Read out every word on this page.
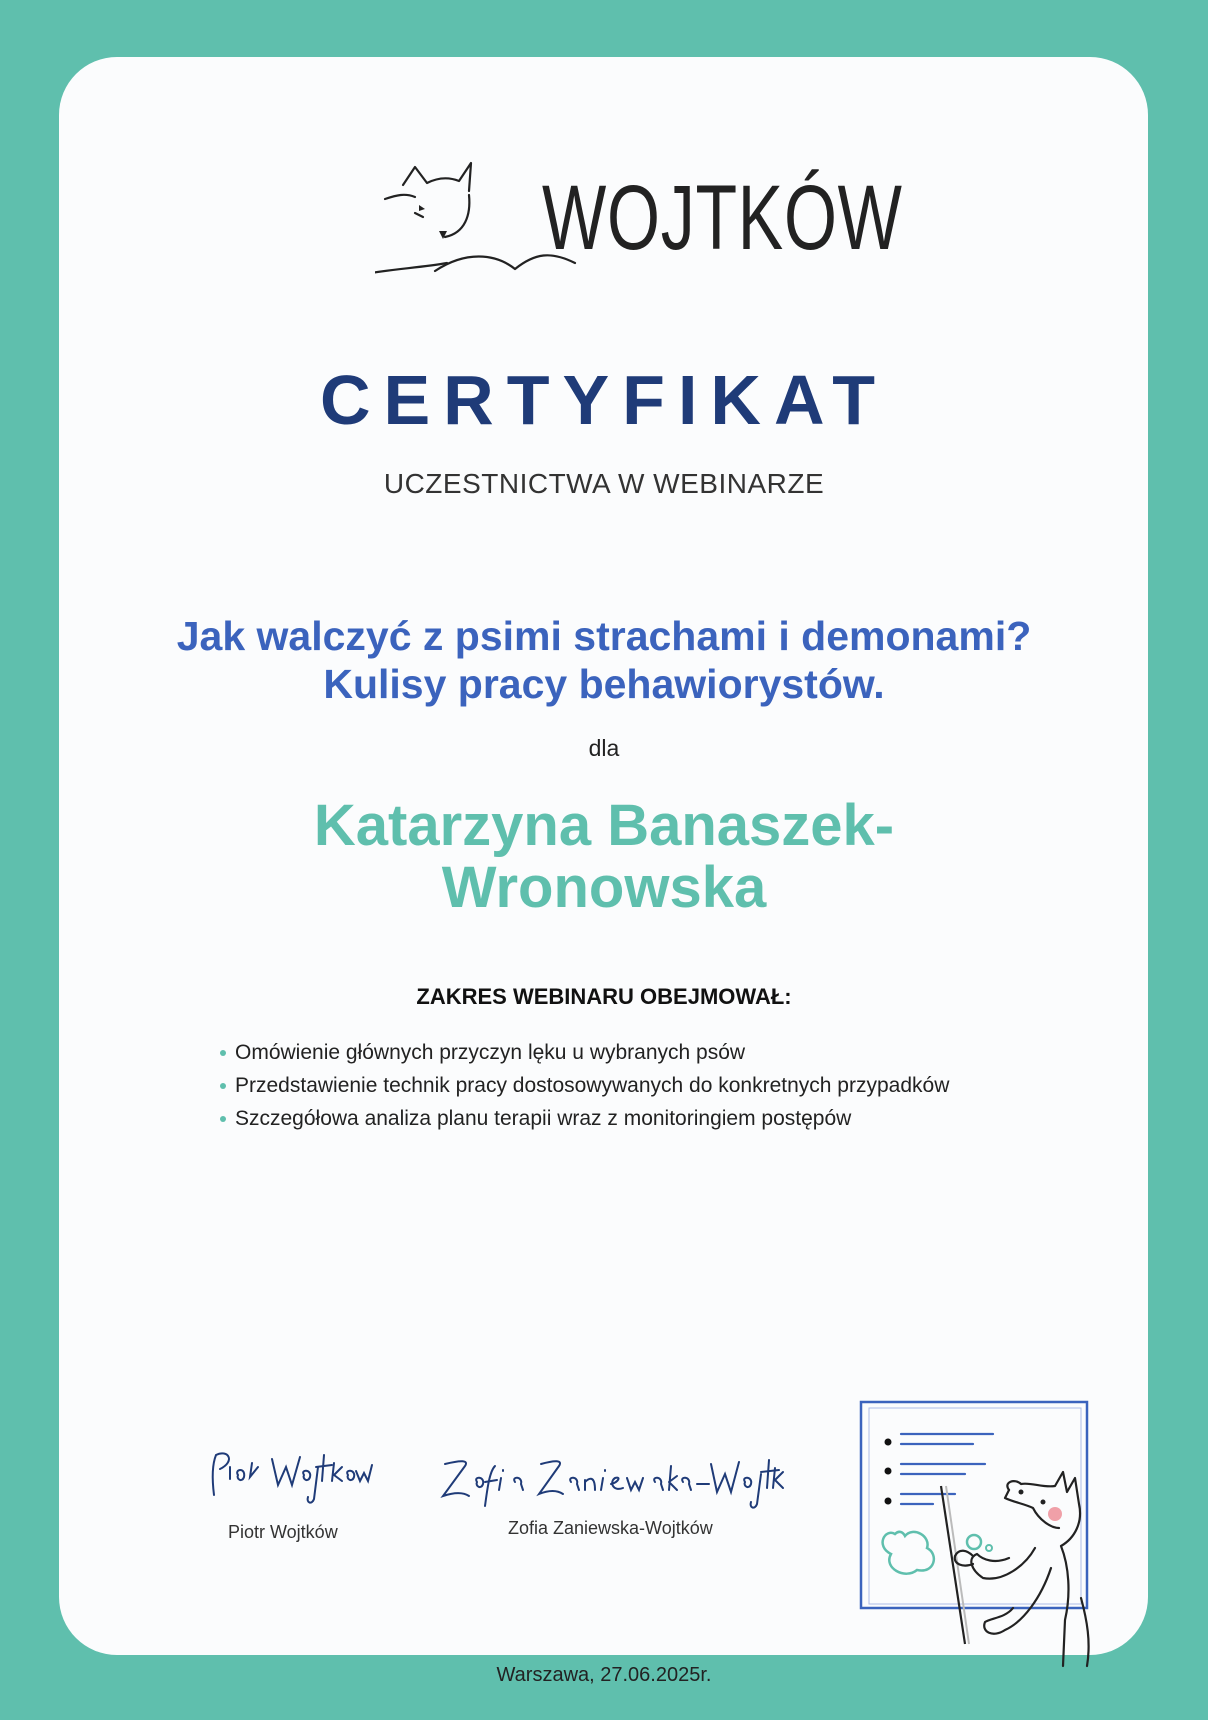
WOJTKÓW
CERTYFIKAT
UCZESTNICTWA W WEBINARZE
Jak walczyć z psimi strachami i demonami? Kulisy pracy behawiorystów.
dla
Katarzyna Banaszek-Wronowska
ZAKRES WEBINARU OBEJMOWAŁ:
Omówienie głównych przyczyn lęku u wybranych psów
Przedstawienie technik pracy dostosowywanych do konkretnych przypadków
Szczegółowa analiza planu terapii wraz z monitoringiem postępów
Piotr Wojtków	Zofia Zaniewska-Wojtków
Warszawa, 27.06.2025r.
